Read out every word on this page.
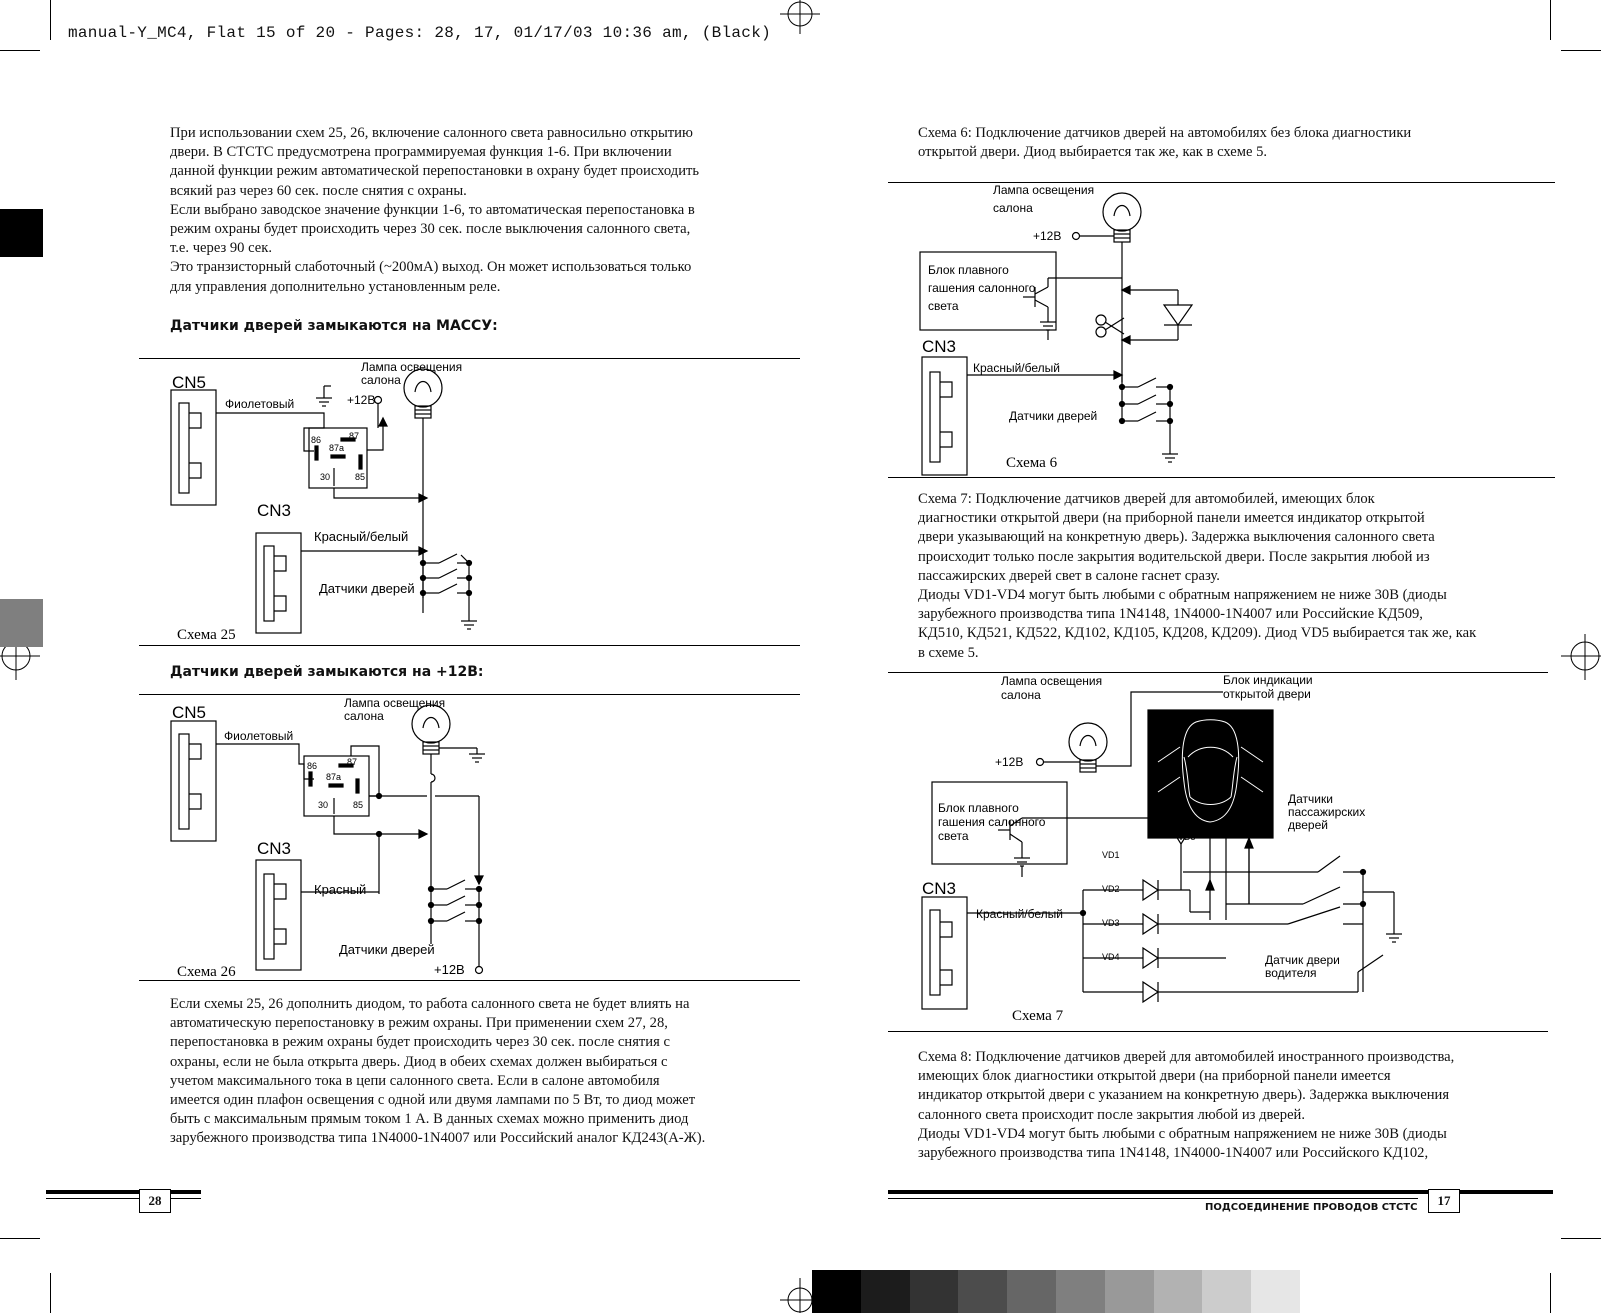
manual-Y_MC4, Flat 15 of 20 - Pages: 28, 17, 01/17/03 10:36 am, (Black)
При использовании схем 25, 26, включение салонного света равносильно открытию
двери. В СТСТС предусмотрена программируемая функция 1-6. При включении
данной функции режим автоматической перепостановки в охрану будет происходить
всякий раз через 60 сек. после снятия с охраны.
Если выбрано заводское значение функции 1-6, то автоматическая перепостановка в
режим охраны будет происходить через 30 сек. после выключения салонного света,
т.е. через 90 сек.
Это транзисторный слаботочный (~200мА) выход. Он может использоваться только
для управления дополнительно установленным реле.
Датчики дверей замыкаются на МАССУ:
CN5
Фиолетовый
Лампа освещения
салона
+12В
87
86
87a
30	85
CN3
Красный/белый
Датчики дверей
Схема 25
Датчики дверей замыкаются на +12В:
CN5
Фиолетовый
Лампа освещения
салона
87
86
87a
30	85
CN3
Красный
Датчики дверей
+12В
Схема 26
Если схемы 25, 26 дополнить диодом, то работа салонного света не будет влиять на
автоматическую перепостановку в режим охраны. При применении схем 27, 28,
перепостановка в режим охраны будет происходить через 30 сек. после снятия с
охраны, если не была открыта дверь. Диод в обеих схемах должен выбираться с
учетом максимального тока в цепи салонного света. Если в салоне автомобиля
имеется один плафон освещения с одной или двумя лампами по 5 Вт, то диод может
быть с максимальным прямым током 1 А. В данных схемах можно применить диод
зарубежного производства типа 1N4000-1N4007 или Российский аналог КД243(А-Ж).
28
Схема 6: Подключение датчиков дверей на автомобилях без блока диагностики
открытой двери. Диод выбирается так же, как в схеме 5.
Лампа освещения
салона
+12В
Блок плавного
гашения салонного
света
CN3
Красный/белый
Датчики дверей
Схема 6
Схема 7: Подключение датчиков дверей для автомобилей, имеющих блок
диагностики открытой двери (на приборной панели имеется индикатор открытой
двери указывающий на конкретную дверь). Задержка выключения салонного света
происходит только после закрытия водительской двери. После закрытия любой из
пассажирских дверей свет в салоне гаснет сразу.
Диоды VD1-VD4 могут быть любыми с обратным напряжением не ниже 30В (диоды
зарубежного производства типа 1N4148, 1N4000-1N4007 или Российские КД509,
КД510, КД521, КД522, КД102, КД105, КД208, КД209). Диод VD5 выбирается так же, как
в схеме 5.
Лампа освещения
салона
Блок индикации
открытой двери
+12В
Блок плавного
гашения салонного
света
Датчики
пассажирских
дверей
VD1
VD2
VD3
VD4
VD5
CN3
Красный/белый
Датчик двери
водителя
Схема 7
Схема 8: Подключение датчиков дверей для автомобилей иностранного производства,
имеющих блок диагностики открытой двери (на приборной панели имеется
индикатор открытой двери с указанием на конкретную дверь). Задержка выключения
салонного света происходит после закрытия любой из дверей.
Диоды VD1-VD4 могут быть любыми с обратным напряжением не ниже 30В (диоды
зарубежного производства типа 1N4148, 1N4000-1N4007 или Российского КД102,
ПОДСОЕДИНЕНИЕ ПРОВОДОВ СТСТС	17
